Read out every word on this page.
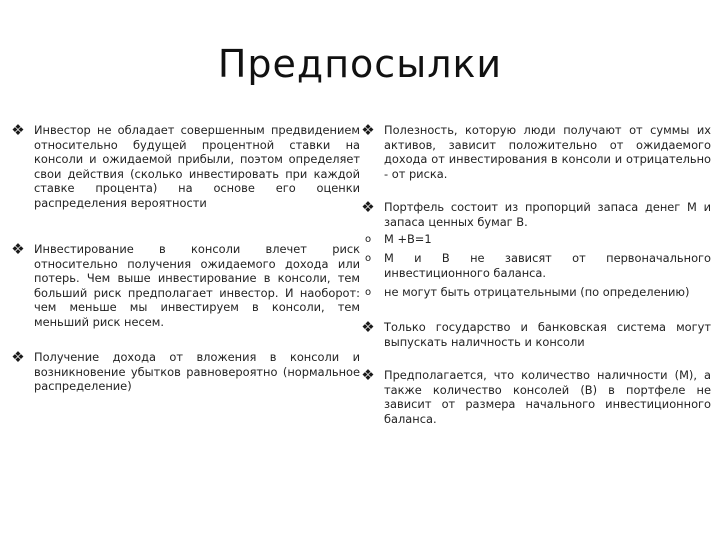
Предпосылки
❖ Инвестор не обладает совершенным предвидением относительно будущей процентной ставки на консоли и ожидаемой прибыли, поэтом определяет свои действия (сколько инвестировать при каждой ставке процента) на основе его оценки распределения вероятности
❖ Инвестирование в консоли влечет риск относительно получения ожидаемого дохода или потерь. Чем выше инвестирование в консоли, тем больший риск предполагает инвестор. И наоборот: чем меньше мы инвестируем в консоли, тем меньший риск несем.
❖ Получение дохода от вложения в консоли и возникновение убытков равновероятно (нормальное распределение)
❖ Полезность, которую люди получают от суммы их активов, зависит положительно от ожидаемого дохода от инвестирования в консоли и отрицательно - от риска.
❖ Портфель состоит из пропорций запаса денег M и запаса ценных бумаг B.
o	M +B=1
o	M и B не зависят от первоначального инвестиционного баланса.
o	не могут быть отрицательными (по определению)
❖ Только государство и банковская система могут выпускать наличность и консоли
❖ Предполагается, что количество наличности (M), а также количество консолей (B) в портфеле не зависит от размера начального инвестиционного баланса.
